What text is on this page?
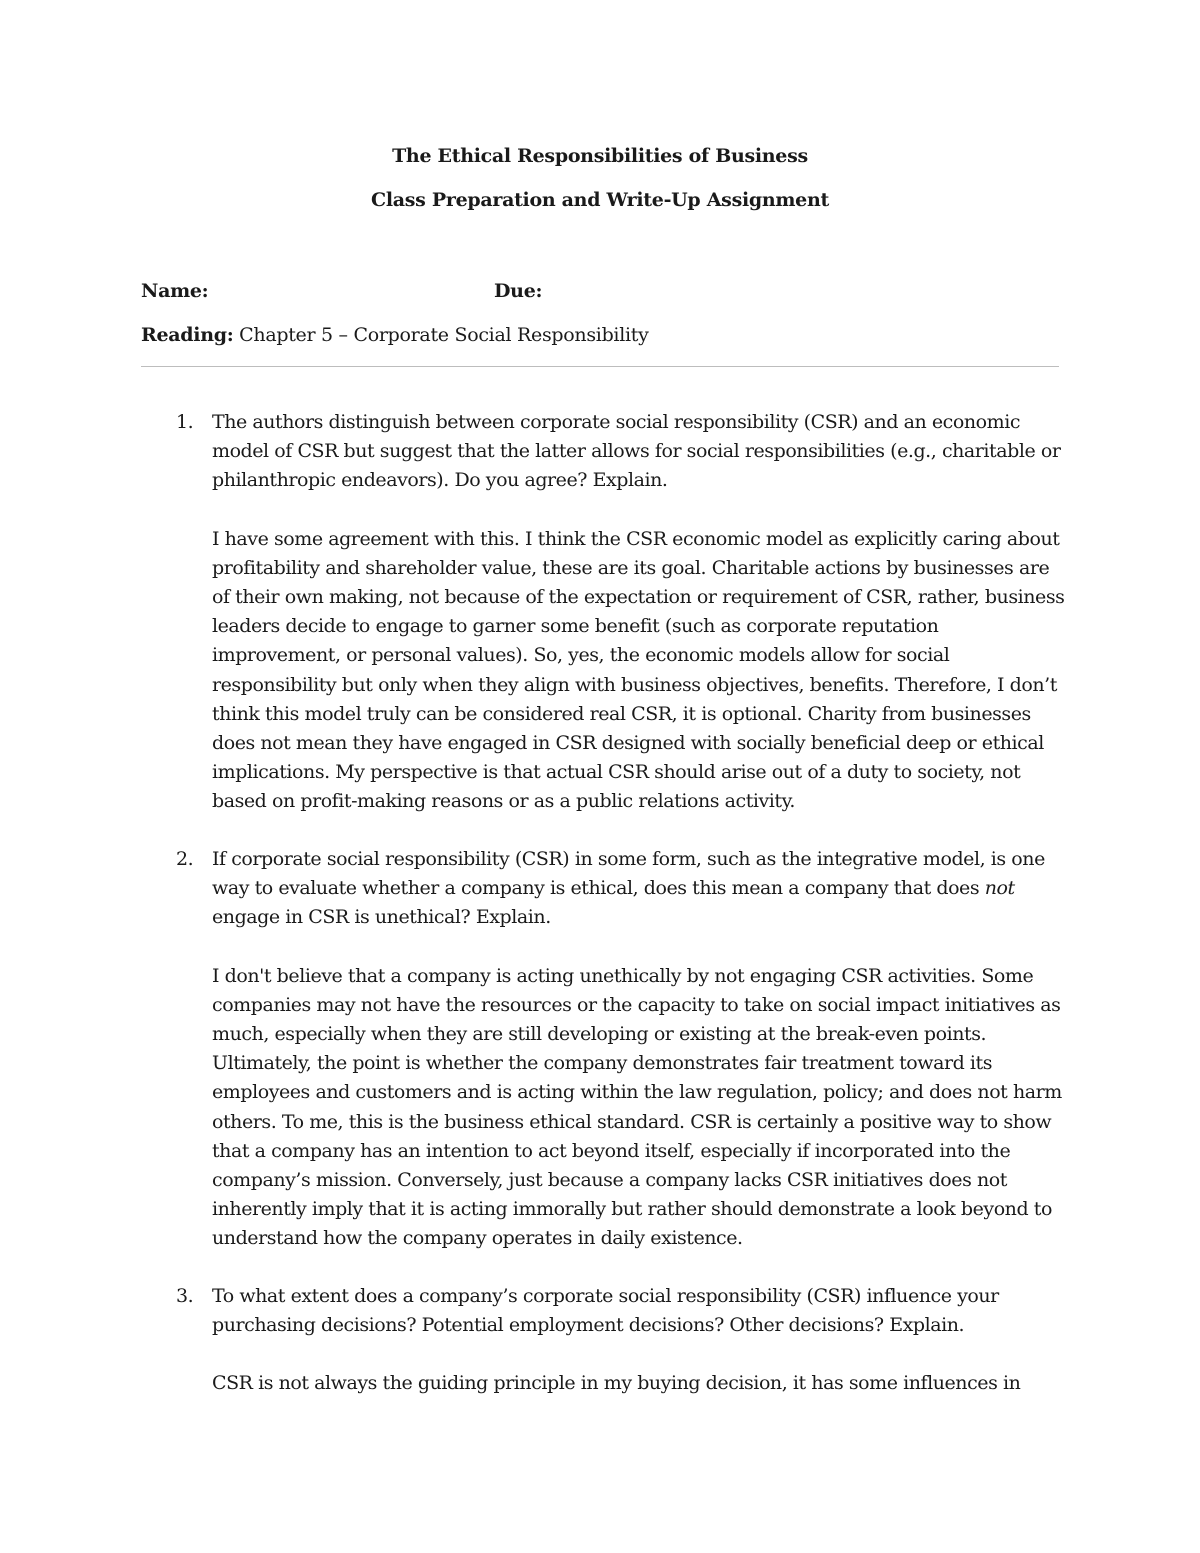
The Ethical Responsibilities of Business
Class Preparation and Write-Up Assignment
Name:	Due:
Reading: Chapter 5 – Corporate Social Responsibility
1. The authors distinguish between corporate social responsibility (CSR) and an economic model of CSR but suggest that the latter allows for social responsibilities (e.g., charitable or philanthropic endeavors). Do you agree? Explain.
I have some agreement with this. I think the CSR economic model as explicitly caring about profitability and shareholder value, these are its goal. Charitable actions by businesses are of their own making, not because of the expectation or requirement of CSR, rather, business leaders decide to engage to garner some benefit (such as corporate reputation improvement, or personal values). So, yes, the economic models allow for social responsibility but only when they align with business objectives, benefits. Therefore, I don’t think this model truly can be considered real CSR, it is optional. Charity from businesses does not mean they have engaged in CSR designed with socially beneficial deep or ethical implications. My perspective is that actual CSR should arise out of a duty to society, not based on profit-making reasons or as a public relations activity.
2. If corporate social responsibility (CSR) in some form, such as the integrative model, is one way to evaluate whether a company is ethical, does this mean a company that does not engage in CSR is unethical? Explain.
I don't believe that a company is acting unethically by not engaging CSR activities. Some companies may not have the resources or the capacity to take on social impact initiatives as much, especially when they are still developing or existing at the break-even points. Ultimately, the point is whether the company demonstrates fair treatment toward its employees and customers and is acting within the law regulation, policy; and does not harm others. To me, this is the business ethical standard. CSR is certainly a positive way to show that a company has an intention to act beyond itself, especially if incorporated into the company’s mission. Conversely, just because a company lacks CSR initiatives does not inherently imply that it is acting immorally but rather should demonstrate a look beyond to understand how the company operates in daily existence.
3. To what extent does a company’s corporate social responsibility (CSR) influence your purchasing decisions? Potential employment decisions? Other decisions? Explain.
CSR is not always the guiding principle in my buying decision, it has some influences in
